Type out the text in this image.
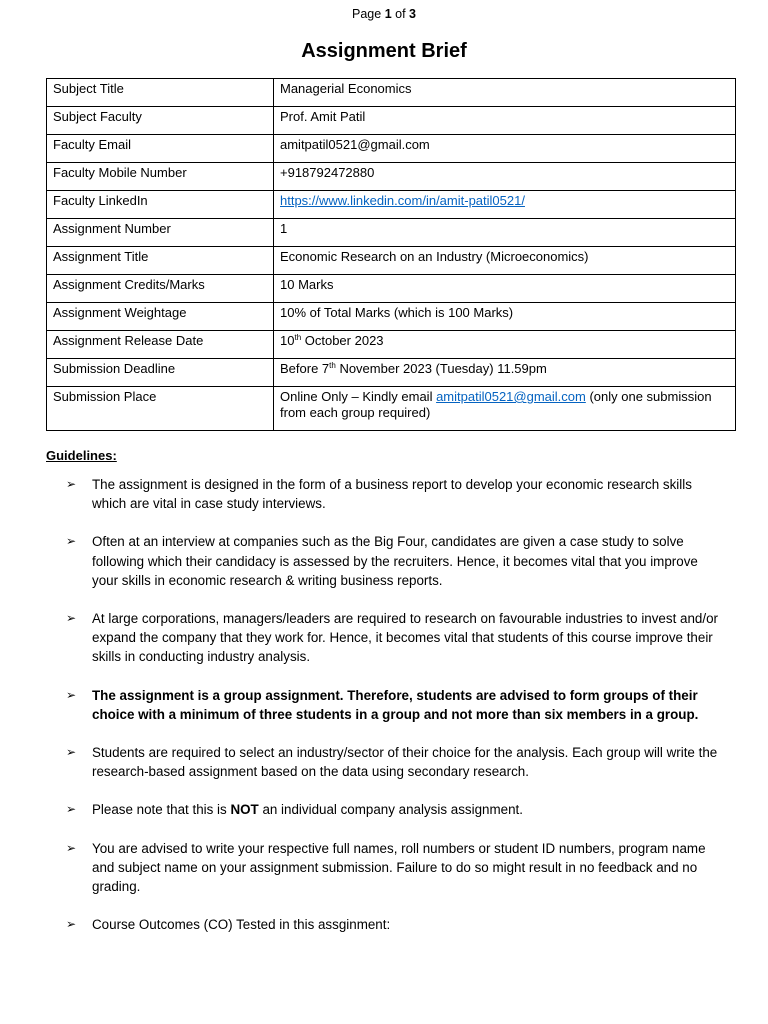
Page 1 of 3
Assignment Brief
Subject Title	Managerial Economics
Subject Faculty	Prof. Amit Patil
Faculty Email	amitpatil0521@gmail.com
Faculty Mobile Number	+918792472880
Faculty LinkedIn	https://www.linkedin.com/in/amit-patil0521/
Assignment Number	1
Assignment Title	Economic Research on an Industry (Microeconomics)
Assignment Credits/Marks	10 Marks
Assignment Weightage	10% of Total Marks (which is 100 Marks)
Assignment Release Date	10th October 2023
Submission Deadline	Before 7th November 2023 (Tuesday) 11.59pm
Submission Place	Online Only – Kindly email amitpatil0521@gmail.com (only one submission from each group required)
Guidelines:
➢ The assignment is designed in the form of a business report to develop your economic research skills which are vital in case study interviews.
➢ Often at an interview at companies such as the Big Four, candidates are given a case study to solve following which their candidacy is assessed by the recruiters. Hence, it becomes vital that you improve your skills in economic research & writing business reports.
➢ At large corporations, managers/leaders are required to research on favourable industries to invest and/or expand the company that they work for. Hence, it becomes vital that students of this course improve their skills in conducting industry analysis.
➢ The assignment is a group assignment. Therefore, students are advised to form groups of their choice with a minimum of three students in a group and not more than six members in a group.
➢ Students are required to select an industry/sector of their choice for the analysis. Each group will write the research-based assignment based on the data using secondary research.
➢ Please note that this is NOT an individual company analysis assignment.
➢ You are advised to write your respective full names, roll numbers or student ID numbers, program name and subject name on your assignment submission. Failure to do so might result in no feedback and no grading.
➢ Course Outcomes (CO) Tested in this assginment:
